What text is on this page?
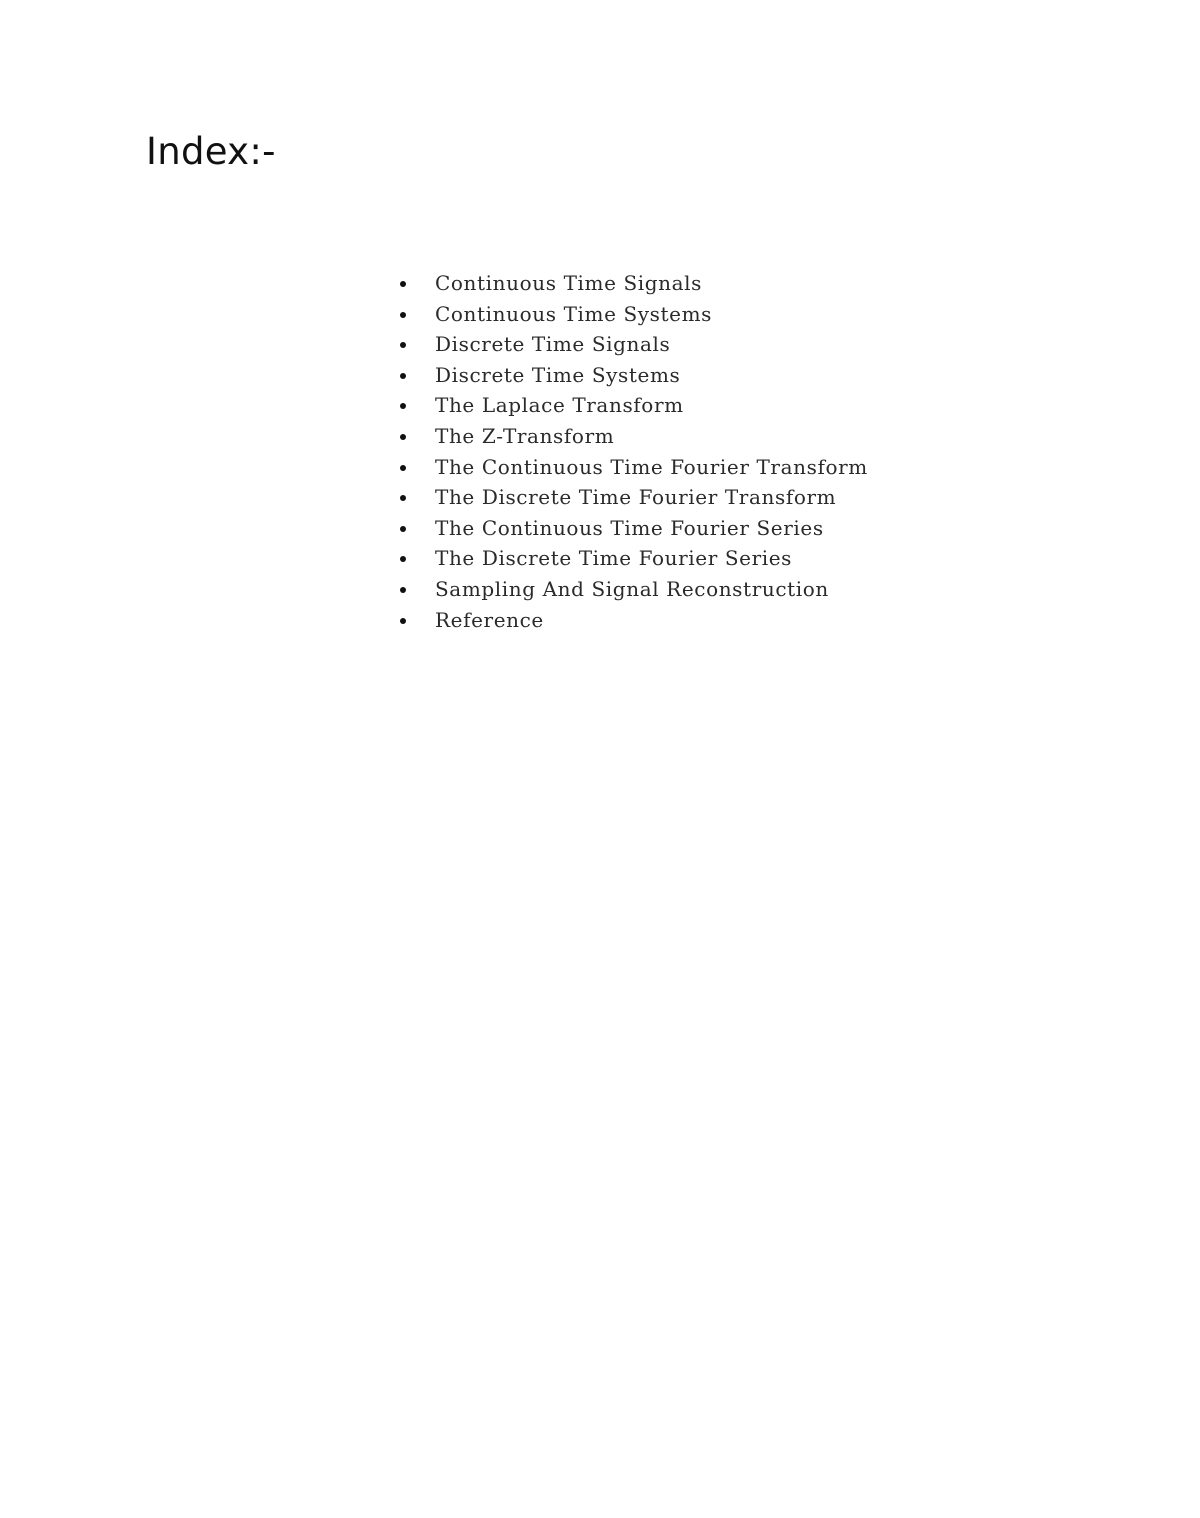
Index:-
Continuous Time Signals
Continuous Time Systems
Discrete Time Signals
Discrete Time Systems
The Laplace Transform
The Z-Transform
The Continuous Time Fourier Transform
The Discrete Time Fourier Transform
The Continuous Time Fourier Series
The Discrete Time Fourier Series
Sampling And Signal Reconstruction
Reference
